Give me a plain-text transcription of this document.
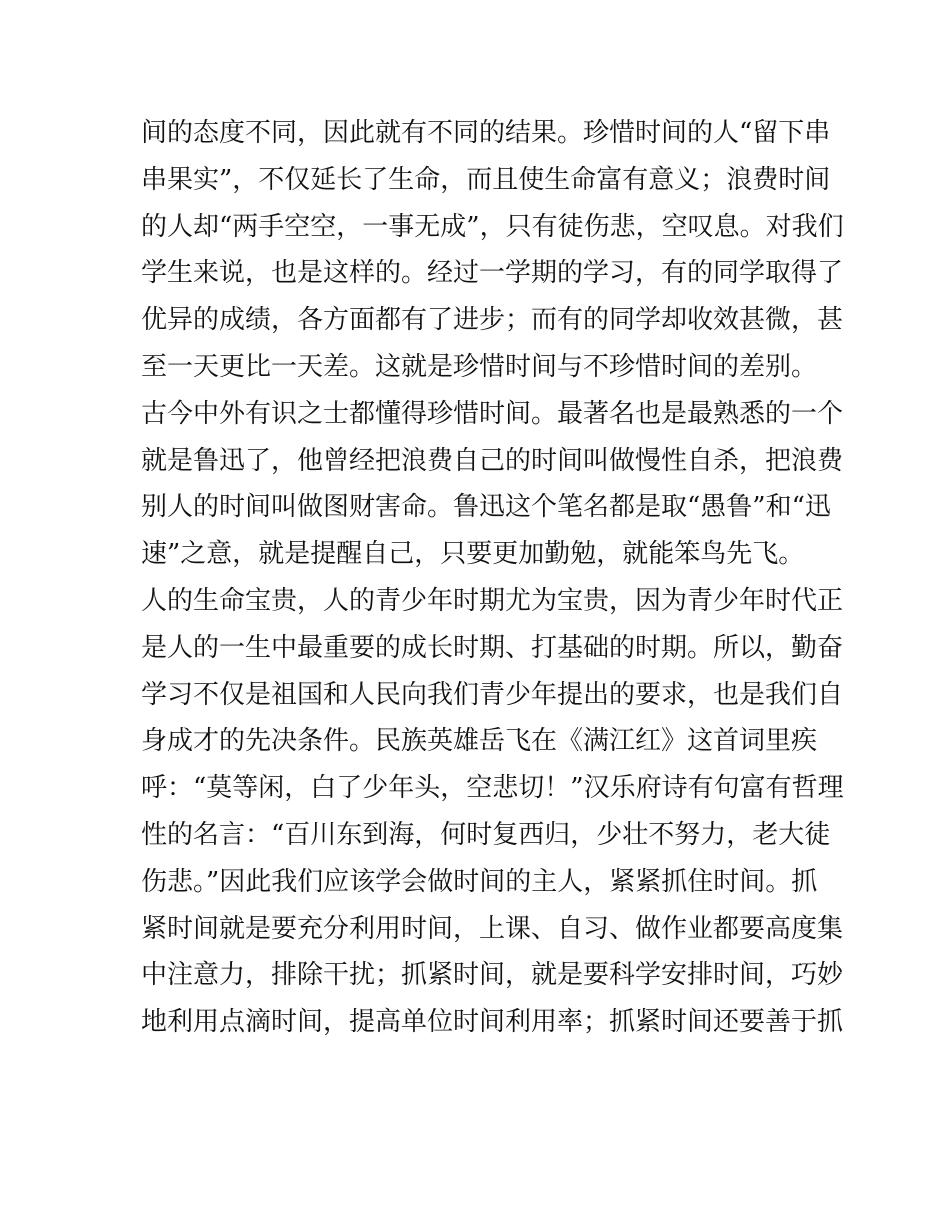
间的态度不同，因此就有不同的结果。珍惜时间的人“留下串
串果实”，不仅延长了生命，而且使生命富有意义；浪费时间
的人却“两手空空，一事无成”，只有徒伤悲，空叹息。对我们
学生来说，也是这样的。经过一学期的学习，有的同学取得了
优异的成绩，各方面都有了进步；而有的同学却收效甚微，甚
至一天更比一天差。这就是珍惜时间与不珍惜时间的差别。
古今中外有识之士都懂得珍惜时间。最著名也是最熟悉的一个
就是鲁迅了，他曾经把浪费自己的时间叫做慢性自杀，把浪费
别人的时间叫做图财害命。鲁迅这个笔名都是取“愚鲁”和“迅
速”之意，就是提醒自己，只要更加勤勉，就能笨鸟先飞。
人的生命宝贵，人的青少年时期尤为宝贵，因为青少年时代正
是人的一生中最重要的成长时期、打基础的时期。所以，勤奋
学习不仅是祖国和人民向我们青少年提出的要求，也是我们自
身成才的先决条件。民族英雄岳飞在《满江红》这首词里疾
呼：“莫等闲，白了少年头，空悲切！”汉乐府诗有句富有哲理
性的名言：“百川东到海，何时复西归，少壮不努力，老大徒
伤悲。”因此我们应该学会做时间的主人，紧紧抓住时间。抓
紧时间就是要充分利用时间，上课、自习、做作业都要高度集
中注意力，排除干扰；抓紧时间，就是要科学安排时间，巧妙
地利用点滴时间，提高单位时间利用率；抓紧时间还要善于抓
